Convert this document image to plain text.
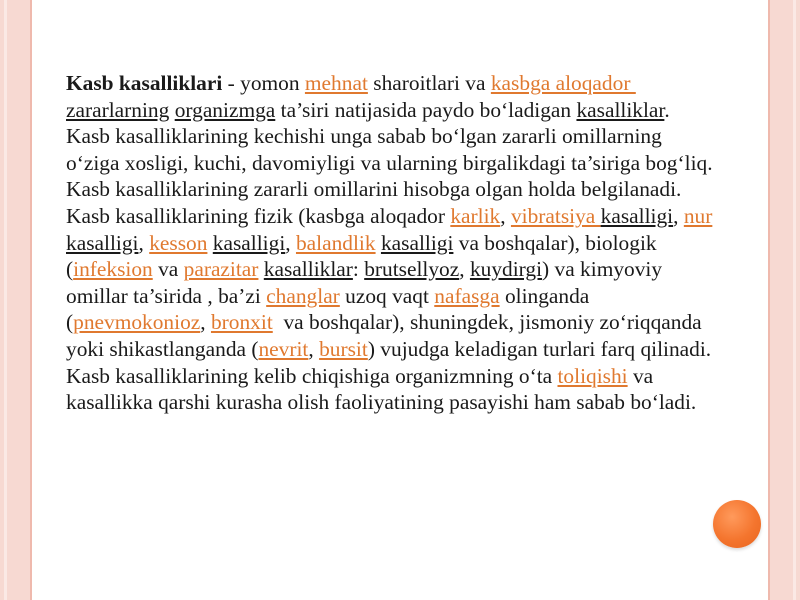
Kasb kasalliklari - yomon mehnat sharoitlari va kasbga aloqador zararlarning organizmga ta’siri natijasida paydo bo‘ladigan kasalliklar. Kasb kasalliklarining kechishi unga sabab bo‘lgan zararli omillarning o‘ziga xosligi, kuchi, davomiyligi va ularning birgalikdagi ta’siriga bog‘liq. Kasb kasalliklarining zararli omillarini hisobga olgan holda belgilanadi. Kasb kasalliklarining fizik (kasbga aloqador karlik, vibratsiya kasalligi, nur kasalligi, kesson kasalligi, balandlik kasalligi va boshqalar), biologik (infeksion va parazitar kasalliklar: brutsellyoz, kuydirgi) va kimyoviy omillar ta’sirida , ba’zi changlar uzoq vaqt nafasga olinganda (pnevmokonioz, bronxit  va boshqalar), shuningdek, jismoniy zo‘riqqanda yoki shikastlanganda (nevrit, bursit) vujudga keladigan turlari farq qilinadi. Kasb kasalliklarining kelib chiqishiga organizmning o‘ta toliqishi va kasallikka qarshi kurasha olish faoliyatining pasayishi ham sabab bo‘ladi.
